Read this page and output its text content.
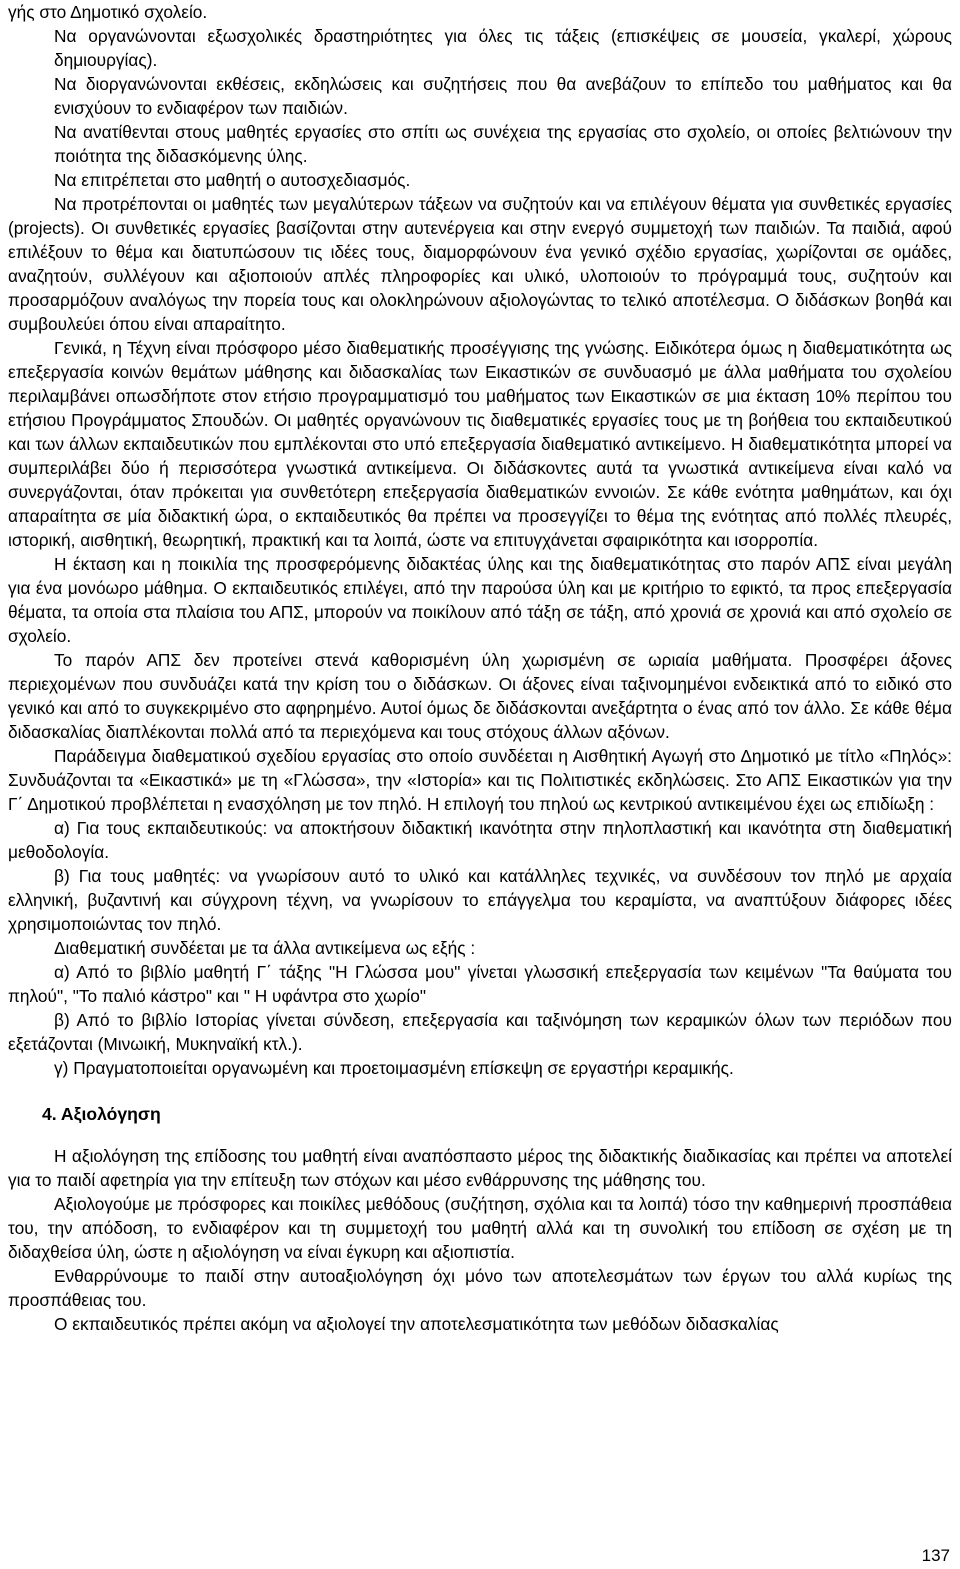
γής στο Δημοτικό σχολείο.

Να οργανώνονται εξωσχολικές δραστηριότητες για όλες τις τάξεις (επισκέψεις σε μουσεία, γκαλερί, χώρους δημιουργίας).

Να διοργανώνονται εκθέσεις, εκδηλώσεις και συζητήσεις που θα ανεβάζουν το επίπεδο του μαθήματος και θα ενισχύουν το ενδιαφέρον των παιδιών.

Να ανατίθενται στους μαθητές εργασίες στο σπίτι ως συνέχεια της εργασίας στο σχολείο, οι οποίες βελτιώνουν την ποιότητα της διδασκόμενης ύλης.

Να επιτρέπεται στο μαθητή ο αυτοσχεδιασμός.

Να προτρέπονται οι μαθητές των μεγαλύτερων τάξεων να συζητούν και να επιλέγουν θέματα για συνθετικές εργασίες (projects). Οι συνθετικές εργασίες βασίζονται στην αυτενέργεια και στην ενεργό συμμετοχή των παιδιών. Τα παιδιά, αφού επιλέξουν το θέμα και διατυπώσουν τις ιδέες τους, διαμορφώνουν ένα γενικό σχέδιο εργασίας, χωρίζονται σε ομάδες, αναζητούν, συλλέγουν και αξιοποιούν απλές πληροφορίες και υλικό, υλοποιούν το πρόγραμμά τους, συζητούν και προσαρμόζουν αναλόγως την πορεία τους και ολοκληρώνουν αξιολογώντας το τελικό αποτέλεσμα. Ο διδάσκων βοηθά και συμβουλεύει όπου είναι απαραίτητο.

Γενικά, η Τέχνη είναι πρόσφορο μέσο διαθεματικής προσέγγισης της γνώσης. Ειδικότερα όμως η διαθεματικότητα ως επεξεργασία κοινών θεμάτων μάθησης και διδασκαλίας των Εικαστικών σε συνδυασμό με άλλα μαθήματα του σχολείου περιλαμβάνει οπωσδήποτε στον ετήσιο προγραμματισμό του μαθήματος των Εικαστικών σε μια έκταση 10% περίπου του ετήσιου Προγράμματος Σπουδών. Οι μαθητές οργανώνουν τις διαθεματικές εργασίες τους με τη βοήθεια του εκπαιδευτικού και των άλλων εκπαιδευτικών που εμπλέκονται στο υπό επεξεργασία διαθεματικό αντικείμενο. Η διαθεματικότητα μπορεί να συμπεριλάβει δύο ή περισσότερα γνωστικά αντικείμενα. Οι διδάσκοντες αυτά τα γνωστικά αντικείμενα είναι καλό να συνεργάζονται, όταν πρόκειται για συνθετότερη επεξεργασία διαθεματικών εννοιών. Σε κάθε ενότητα μαθημάτων, και όχι απαραίτητα σε μία διδακτική ώρα, ο εκπαιδευτικός θα πρέπει να προσεγγίζει το θέμα της ενότητας από πολλές πλευρές, ιστορική, αισθητική, θεωρητική, πρακτική και τα λοιπά, ώστε να επιτυγχάνεται σφαιρικότητα και ισορροπία.

Η έκταση και η ποικιλία της προσφερόμενης διδακτέας ύλης και της διαθεματικότητας στο παρόν ΑΠΣ είναι μεγάλη για ένα μονόωρο μάθημα. Ο εκπαιδευτικός επιλέγει, από την παρούσα ύλη και με κριτήριο το εφικτό, τα προς επεξεργασία θέματα, τα οποία στα πλαίσια του ΑΠΣ, μπορούν να ποικίλουν από τάξη σε τάξη, από χρονιά σε χρονιά και από σχολείο σε σχολείο.

Το παρόν ΑΠΣ δεν προτείνει στενά καθορισμένη ύλη χωρισμένη σε ωριαία μαθήματα. Προσφέρει άξονες περιεχομένων που συνδυάζει κατά την κρίση του ο διδάσκων. Οι άξονες είναι ταξινομημένοι ενδεικτικά από το ειδικό στο γενικό και από το συγκεκριμένο στο αφηρημένο. Αυτοί όμως δε διδάσκονται ανεξάρτητα ο ένας από τον άλλο. Σε κάθε θέμα διδασκαλίας διαπλέκονται πολλά από τα περιεχόμενα και τους στόχους άλλων αξόνων.

Παράδειγμα διαθεματικού σχεδίου εργασίας στο οποίο συνδέεται η Αισθητική Αγωγή στο Δημοτικό με τίτλο «Πηλός»: Συνδυάζονται τα «Εικαστικά» με τη «Γλώσσα», την «Ιστορία» και τις Πολιτιστικές εκδηλώσεις. Στο ΑΠΣ Εικαστικών για την Γ΄ Δημοτικού προβλέπεται η ενασχόληση με τον πηλό. Η επιλογή του πηλού ως κεντρικού αντικειμένου έχει ως επιδίωξη :

α) Για τους εκπαιδευτικούς: να αποκτήσουν διδακτική ικανότητα στην πηλοπλαστική και ικανότητα στη διαθεματική μεθοδολογία.

β) Για τους μαθητές: να γνωρίσουν αυτό το υλικό και κατάλληλες τεχνικές, να συνδέσουν τον πηλό με αρχαία ελληνική, βυζαντινή και σύγχρονη τέχνη, να γνωρίσουν το επάγγελμα του κεραμίστα, να αναπτύξουν διάφορες ιδέες χρησιμοποιώντας τον πηλό.

Διαθεματική συνδέεται με τα άλλα αντικείμενα ως εξής :

α) Από το βιβλίο μαθητή Γ΄ τάξης "Η Γλώσσα μου" γίνεται γλωσσική επεξεργασία των κειμένων "Τα θαύματα του πηλού", "Το παλιό κάστρο" και " Η υφάντρα στο χωρίο"

β) Από το βιβλίο Ιστορίας γίνεται σύνδεση, επεξεργασία και ταξινόμηση των κεραμικών όλων των περιόδων που εξετάζονται (Μινωική, Μυκηναϊκή κτλ.).

γ) Πραγματοποιείται οργανωμένη και προετοιμασμένη επίσκεψη σε εργαστήρι κεραμικής.

4. Αξιολόγηση

Η αξιολόγηση της επίδοσης του μαθητή είναι αναπόσπαστο μέρος της διδακτικής διαδικασίας και πρέπει να αποτελεί για το παιδί αφετηρία για την επίτευξη των στόχων και μέσο ενθάρρυνσης της μάθησης του.

Αξιολογούμε με πρόσφορες και ποικίλες μεθόδους (συζήτηση, σχόλια και τα λοιπά) τόσο την καθημερινή προσπάθεια του, την απόδοση, το ενδιαφέρον και τη συμμετοχή του μαθητή αλλά και τη συνολική του επίδοση σε σχέση με τη διδαχθείσα ύλη, ώστε η αξιολόγηση να είναι έγκυρη και αξιοπιστία.

Ενθαρρύνουμε το παιδί στην αυτοαξιολόγηση όχι μόνο των αποτελεσμάτων των έργων του αλλά κυρίως της προσπάθειας του.

Ο εκπαιδευτικός πρέπει ακόμη να αξιολογεί την αποτελεσματικότητα των μεθόδων διδασκαλίας

137
